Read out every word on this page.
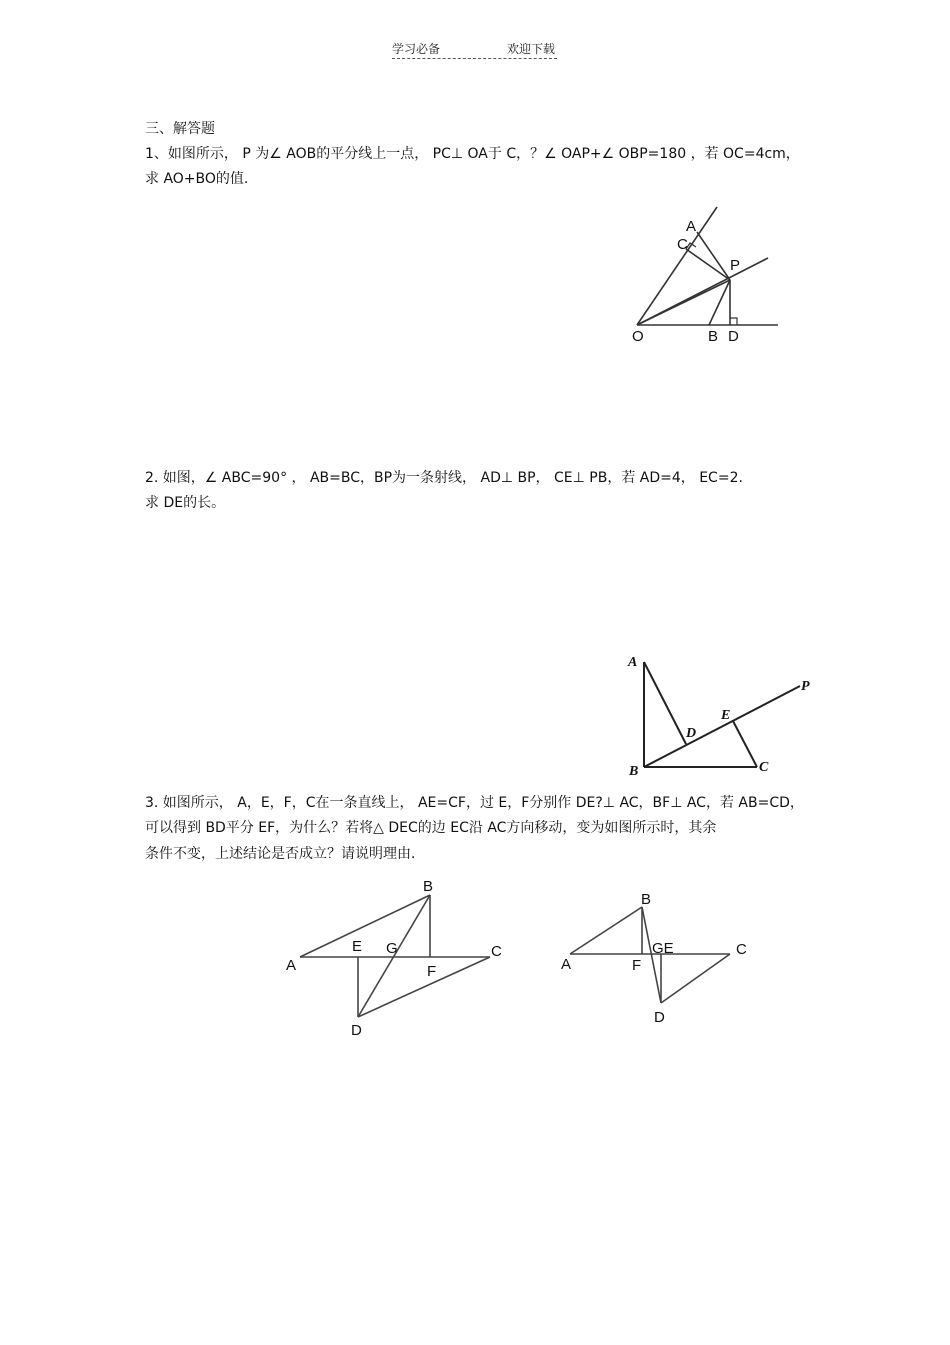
学习必备	欢迎下载
三、解答题
1、如图所示， P 为∠ AOB的平分线上一点， PC⊥ OA于 C，？∠ OAP+∠ OBP=180 ，若 OC=4cm，
求 AO+BO的值.
2. 如图，∠ ABC=90° ， AB=BC，BP为一条射线， AD⊥ BP， CE⊥ PB，若 AD=4， EC=2.
求 DE的长。
3. 如图所示， A，E，F，C在一条直线上， AE=CF，过 E，F分别作 DE?⊥ AC，BF⊥ AC，若 AB=CD，
可以得到 BD平分 EF，为什么？若将△ DEC的边 EC沿 AC方向移动，变为如图所示时，其余
条件不变，上述结论是否成立？请说明理由.
A
C
P
O	B D
A
B	C
D
E
P
A
B
C
D
E
F
G
A
B
C
D
F
GE
